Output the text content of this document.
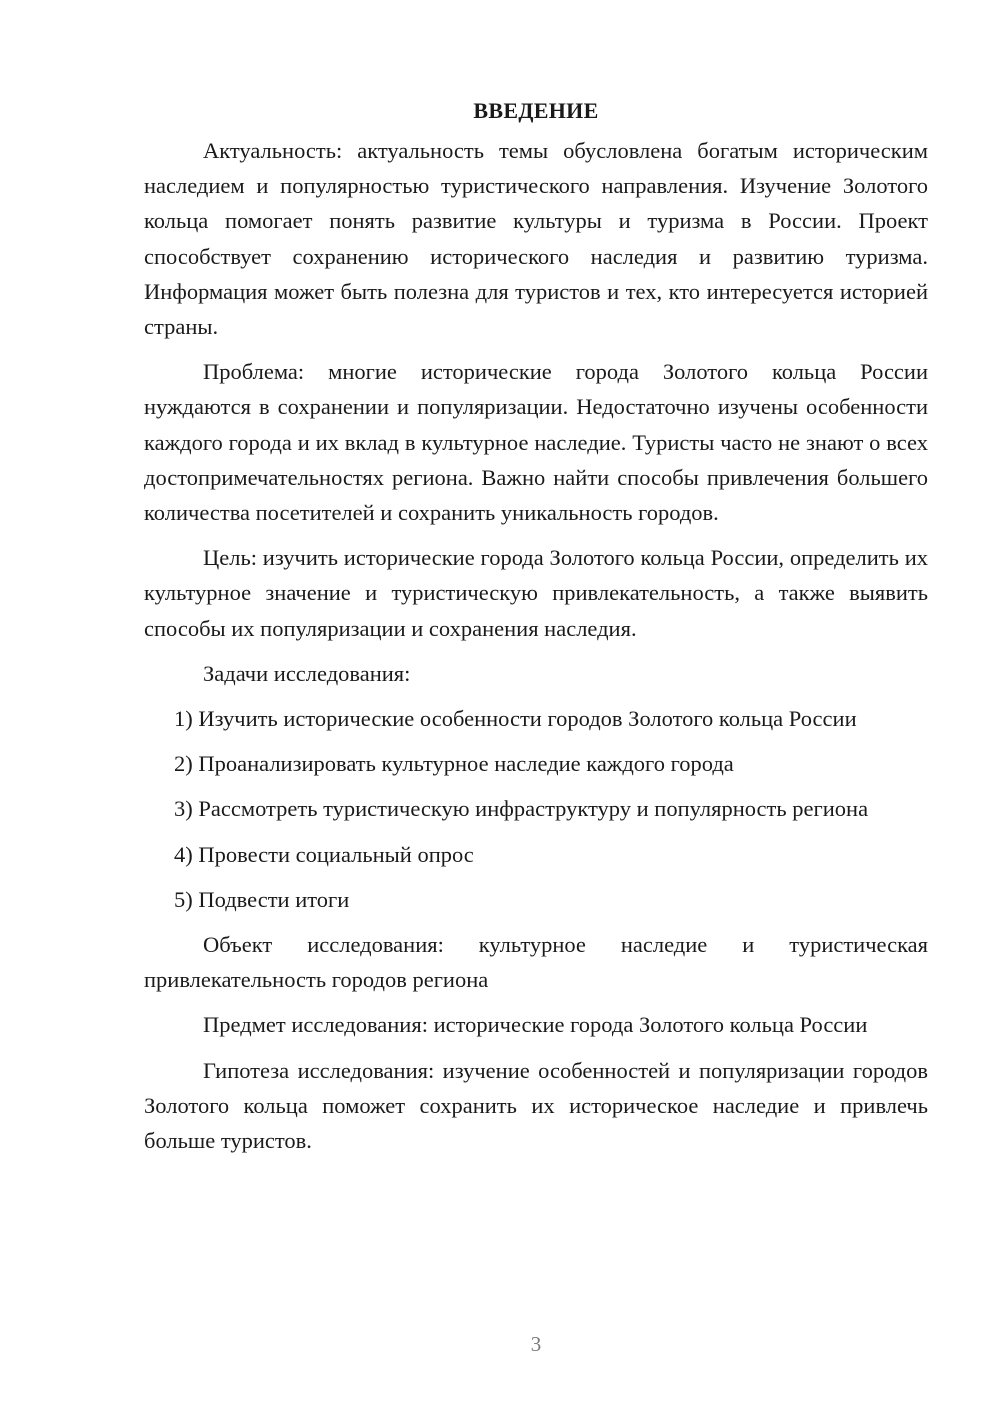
ВВЕДЕНИЕ

Актуальность: актуальность темы обусловлена богатым историческим наследием и популярностью туристического направления. Изучение Золотого кольца помогает понять развитие культуры и туризма в России. Проект способствует сохранению исторического наследия и развитию туризма. Информация может быть полезна для туристов и тех, кто интересуется историей страны.

Проблема: многие исторические города Золотого кольца России нуждаются в сохранении и популяризации. Недостаточно изучены особенности каждого города и их вклад в культурное наследие. Туристы часто не знают о всех достопримечательностях региона. Важно найти способы привлечения большего количества посетителей и сохранить уникальность городов.

Цель: изучить исторические города Золотого кольца России, определить их культурное значение и туристическую привлекательность, а также выявить способы их популяризации и сохранения наследия.

Задачи исследования:

1) Изучить исторические особенности городов Золотого кольца России

2) Проанализировать культурное наследие каждого города

3) Рассмотреть туристическую инфраструктуру и популярность региона

4) Провести социальный опрос

5) Подвести итоги

Объект исследования: культурное наследие и туристическая привлекательность городов региона

Предмет исследования: исторические города Золотого кольца России

Гипотеза исследования: изучение особенностей и популяризации городов Золотого кольца поможет сохранить их историческое наследие и привлечь больше туристов.

3
